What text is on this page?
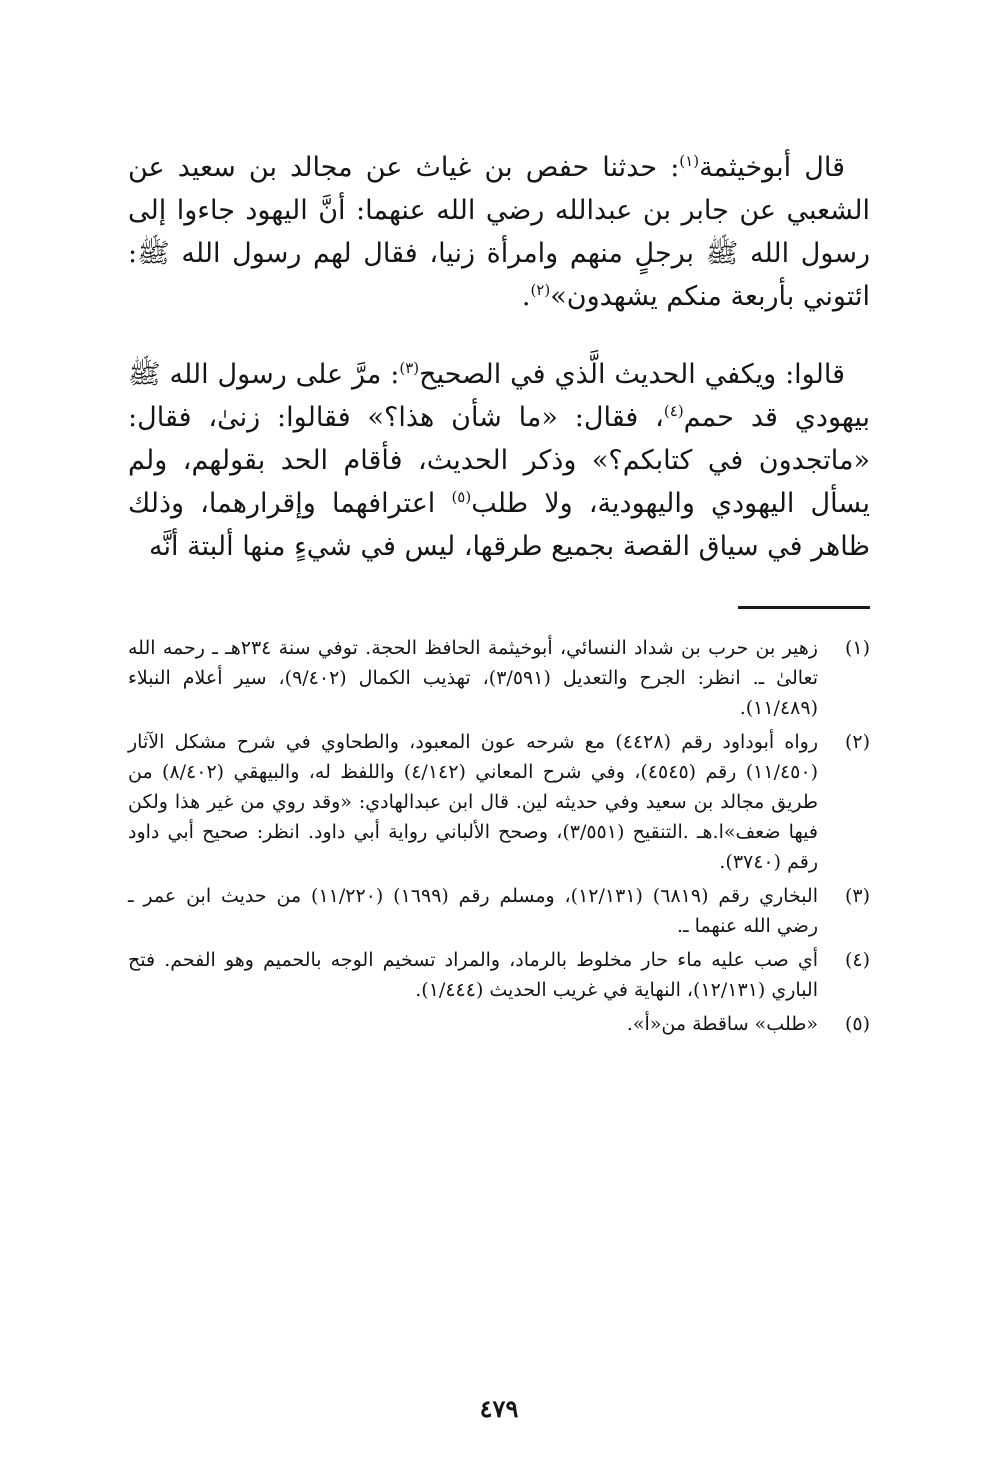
قال أبوخيثمة$^{(١)}$: حدثنا حفص بن غياث عن مجالد بن سعيد عن الشعبي عن جابر بن عبدالله رضي الله عنهما: أنَّ اليهود جاءوا إلى رسول الله ﷺ برجلٍ منهم وامرأة زنيا، فقال لهم رسول الله ﷺ: ائتوني بأربعة منكم يشهدون»$^{(٢)}$.

قالوا: ويكفي الحديث الَّذي في الصحيح$^{(٣)}$: مرَّ على رسول الله ﷺ بيهودي قد حمم$^{(٤)}$، فقال: «ما شأن هذا؟» فقالوا: زنىٰ، فقال: «ماتجدون في كتابكم؟» وذكر الحديث، فأقام الحد بقولهم، ولم يسأل اليهودي واليهودية، ولا طلب$^{(٥)}$ اعترافهما وإقرارهما، وذلك ظاهر في سياق القصة بجميع طرقها، ليس في شيءٍ منها ألبتة أنَّه

(١)
زهير بن حرب بن شداد النسائي، أبوخيثمة الحافظ الحجة. توفي سنة ٢٣٤هـ ـ رحمه الله تعالىٰ ـ. انظر: الجرح والتعديل (٣/٥٩١)، تهذيب الكمال (٩/٤٠٢)، سير أعلام النبلاء (١١/٤٨٩).
(٢)
رواه أبوداود رقم (٤٤٢٨) مع شرحه عون المعبود، والطحاوي في شرح مشكل الآثار (١١/٤٥٠) رقم (٤٥٤٥)، وفي شرح المعاني (٤/١٤٢) واللفظ له، والبيهقي (٨/٤٠٢) من طريق مجالد بن سعيد وفي حديثه لين. قال ابن عبدالهادي: «وقد روي من غير هذا ولكن فيها ضعف»ا.هـ .التنقيح (٣/٥٥١)، وصحح الألباني رواية أبي داود. انظر: صحيح أبي داود رقم (٣٧٤٠).
(٣)
البخاري رقم (٦٨١٩) (١٢/١٣١)، ومسلم رقم (١٦٩٩) (١١/٢٢٠) من حديث ابن عمر ـ رضي الله عنهما ـ.
(٤)
أي صب عليه ماء حار مخلوط بالرماد، والمراد تسخيم الوجه بالحميم وهو الفحم. فتح الباري (١٢/١٣١)، النهاية في غريب الحديث (١/٤٤٤).
(٥)
«طلب» ساقطة من«أ».
٤٧٩
